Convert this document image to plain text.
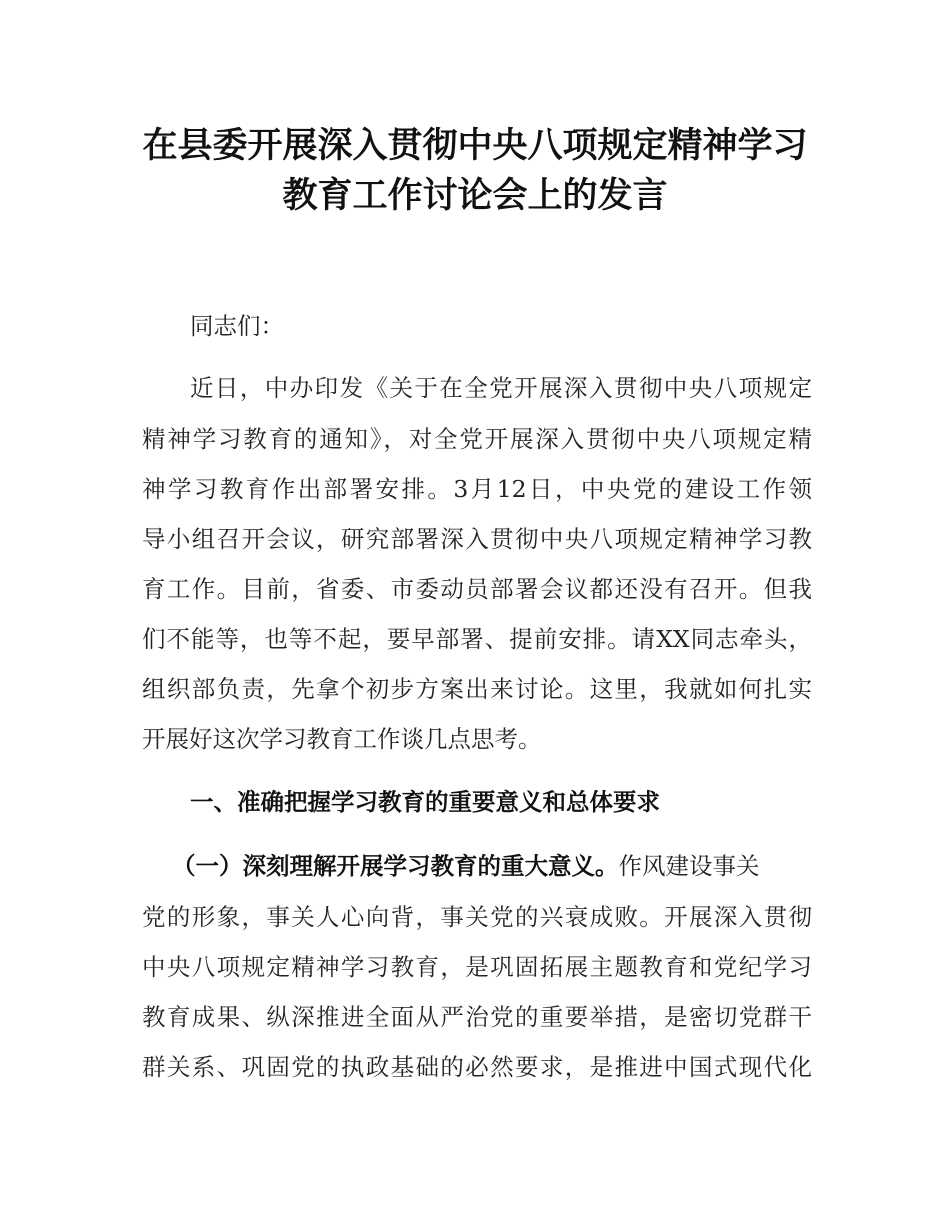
在县委开展深入贯彻中央八项规定精神学习
教育工作讨论会上的发言
同志们：
近日，中办印发《关于在全党开展深入贯彻中央八项规定
精神学习教育的通知》，对全党开展深入贯彻中央八项规定精
神学习教育作出部署安排。3月12日，中央党的建设工作领
导小组召开会议，研究部署深入贯彻中央八项规定精神学习教
育工作。目前，省委、市委动员部署会议都还没有召开。但我
们不能等，也等不起，要早部署、提前安排。请XX同志牵头，
组织部负责，先拿个初步方案出来讨论。这里，我就如何扎实
开展好这次学习教育工作谈几点思考。
一、准确把握学习教育的重要意义和总体要求
（一）深刻理解开展学习教育的重大意义。作风建设事关
党的形象，事关人心向背，事关党的兴衰成败。开展深入贯彻
中央八项规定精神学习教育，是巩固拓展主题教育和党纪学习
教育成果、纵深推进全面从严治党的重要举措，是密切党群干
群关系、巩固党的执政基础的必然要求，是推进中国式现代化
